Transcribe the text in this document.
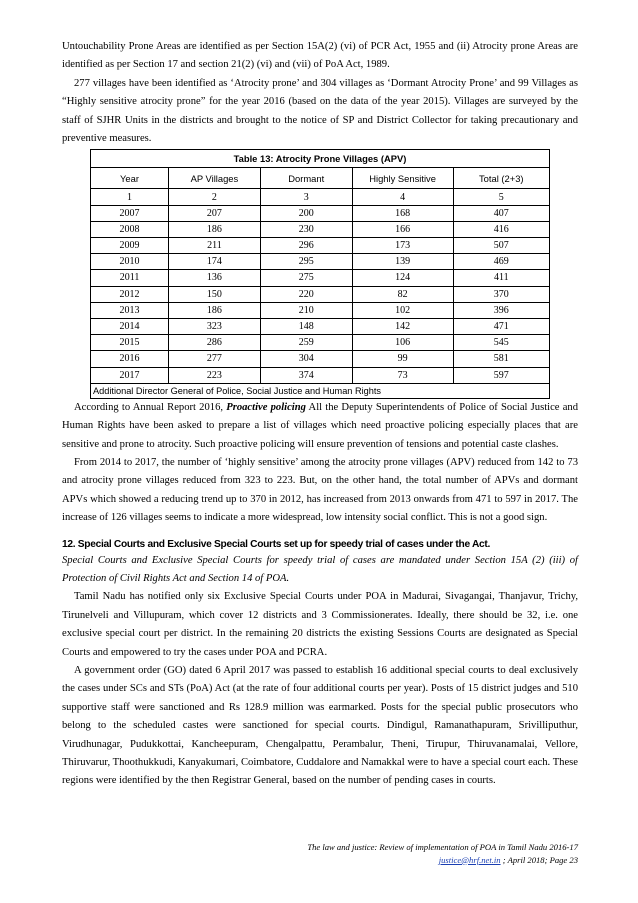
Untouchability Prone Areas are identified as per Section 15A(2) (vi) of PCR Act, 1955 and (ii) Atrocity prone Areas are identified as per Section 17 and section 21(2) (vi) and (vii) of PoA Act, 1989.

277 villages have been identified as ‘Atrocity prone’ and 304 villages as ‘Dormant Atrocity Prone’ and 99 Villages as “Highly sensitive atrocity prone” for the year 2016 (based on the data of the year 2015). Villages are surveyed by the staff of SJHR Units in the districts and brought to the notice of SP and District Collector for taking precautionary and preventive measures.

Table 13: Atrocity Prone Villages (APV)
Year	AP Villages	Dormant	Highly Sensitive	Total (2+3)
1	2	3	4	5
2007	207	200	168	407
2008	186	230	166	416
2009	211	296	173	507
2010	174	295	139	469
2011	136	275	124	411
2012	150	220	82	370
2013	186	210	102	396
2014	323	148	142	471
2015	286	259	106	545
2016	277	304	99	581
2017	223	374	73	597
Additional Director General of Police, Social Justice and Human Rights				

According to Annual Report 2016, Proactive policing All the Deputy Superintendents of Police of Social Justice and Human Rights have been asked to prepare a list of villages which need proactive policing especially places that are sensitive and prone to atrocity. Such proactive policing will ensure prevention of tensions and potential caste clashes.

From 2014 to 2017, the number of ‘highly sensitive’ among the atrocity prone villages (APV) reduced from 142 to 73 and atrocity prone villages reduced from 323 to 223. But, on the other hand, the total number of APVs and dormant APVs which showed a reducing trend up to 370 in 2012, has increased from 2013 onwards from 471 to 597 in 2017. The increase of 126 villages seems to indicate a more widespread, low intensity social conflict. This is not a good sign.

12. Special Courts and Exclusive Special Courts set up for speedy trial of cases under the Act.

Special Courts and Exclusive Special Courts for speedy trial of cases are mandated under Section 15A (2) (iii) of Protection of Civil Rights Act and Section 14 of POA.

Tamil Nadu has notified only six Exclusive Special Courts under POA in Madurai, Sivagangai, Thanjavur, Trichy, Tirunelveli and Villupuram, which cover 12 districts and 3 Commissionerates. Ideally, there should be 32, i.e. one exclusive special court per district. In the remaining 20 districts the existing Sessions Courts are designated as Special Courts and empowered to try the cases under POA and PCRA.

A government order (GO) dated 6 April 2017 was passed to establish 16 additional special courts to deal exclusively the cases under SCs and STs (PoA) Act (at the rate of four additional courts per year). Posts of 15 district judges and 510 supportive staff were sanctioned and Rs 128.9 million was earmarked. Posts for the special public prosecutors who belong to the scheduled castes were sanctioned for special courts. Dindigul, Ramanathapuram, Srivilliputhur, Virudhunagar, Pudukkottai, Kancheepuram, Chengalpattu, Perambalur, Theni, Tirupur, Thiruvanamalai, Vellore, Thiruvarur, Thoothukkudi, Kanyakumari, Coimbatore, Cuddalore and Namakkal were to have a special court each. These regions were identified by the then Registrar General, based on the number of pending cases in courts.

The law and justice: Review of implementation of POA in Tamil Nadu 2016-17
justice@hrf.net.in ; April 2018; Page 23
